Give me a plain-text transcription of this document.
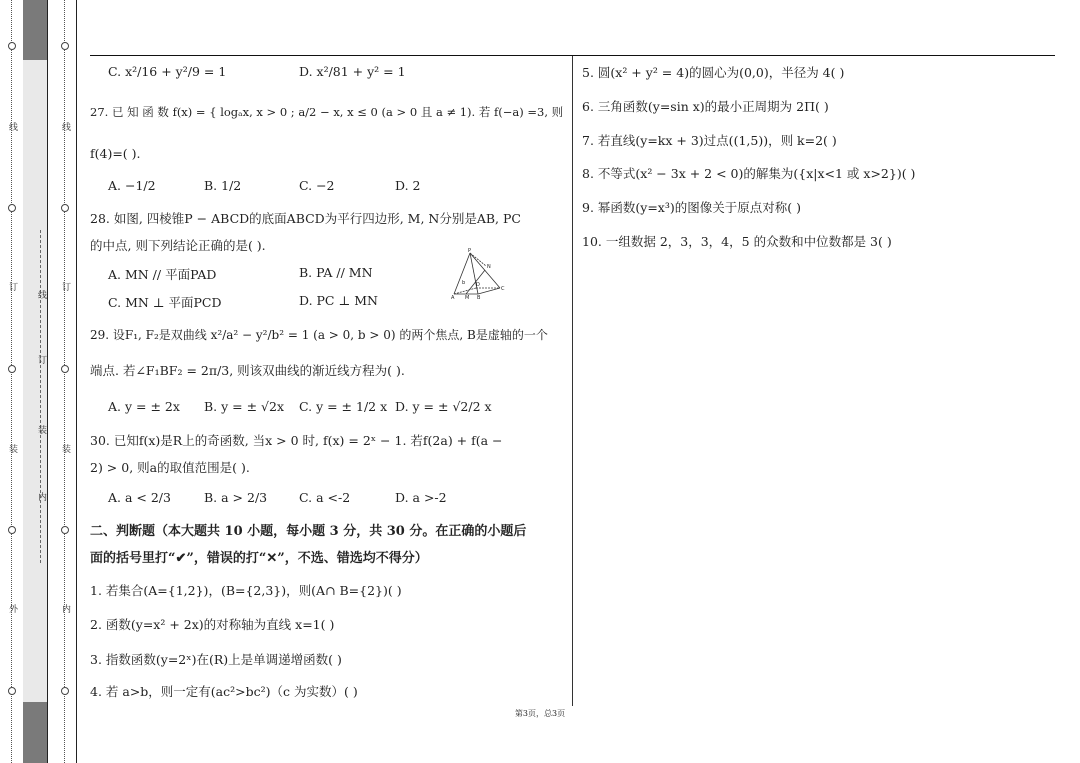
线
订
装
外
线
订
装
内
线
订
装
内
C. x²/16 + y²/9 = 1	D. x²/81 + y² = 1
27. 已 知 函 数 f(x) = { logₐx, x > 0 ; a/2 − x, x ≤ 0 (a > 0 且 a ≠ 1). 若 f(−a) =3, 则
f(4)=( ).
A. −1/2	B. 1/2	C. −2	D. 2
28. 如图, 四棱锥P − ABCD的底面ABCD为平行四边形, M, N分别是AB, PC
的中点, 则下列结论正确的是( ).
A. MN // 平面PAD	B. PA // MN
C. MN ⊥ 平面PCD	D. PC ⊥ MN
P
N
D
C
A M B
b
29. 设F₁, F₂是双曲线 x²/a² − y²/b² = 1 (a > 0, b > 0) 的两个焦点, B是虚轴的一个
端点. 若∠F₁BF₂ = 2π/3, 则该双曲线的渐近线方程为( ).
A. y = ± 2x B. y = ± √2x C. y = ± 1/2 x D. y = ± √2/2 x
30. 已知f(x)是R上的奇函数, 当x > 0 时, f(x) = 2ˣ − 1. 若f(2a) + f(a −
2) > 0, 则a的取值范围是( ).
A. a < 2/3	B. a > 2/3	C. a <-2	D. a >-2
二、判断题（本大题共 10 小题，每小题 3 分，共 30 分。在正确的小题后
面的括号里打“✔”，错误的打“✕”，不选、错选均不得分）
1. 若集合(A={1,2})，(B={2,3})，则(A∩ B={2})( )
2. 函数(y=x² + 2x)的对称轴为直线 x=1( )
3. 指数函数(y=2ˣ)在(R)上是单调递增函数( )
4. 若 a>b，则一定有(ac²>bc²)（c 为实数）( )
5. 圆(x² + y² = 4)的圆心为(0,0)，半径为 4( )
6. 三角函数(y=sin x)的最小正周期为 2Π( )
7. 若直线(y=kx + 3)过点((1,5))，则 k=2( )
8. 不等式(x² − 3x + 2 < 0)的解集为({x|x<1 或 x>2})( )
9. 幂函数(y=x³)的图像关于原点对称( )
10. 一组数据 2，3，3，4，5 的众数和中位数都是 3( )
第3页，总3页
